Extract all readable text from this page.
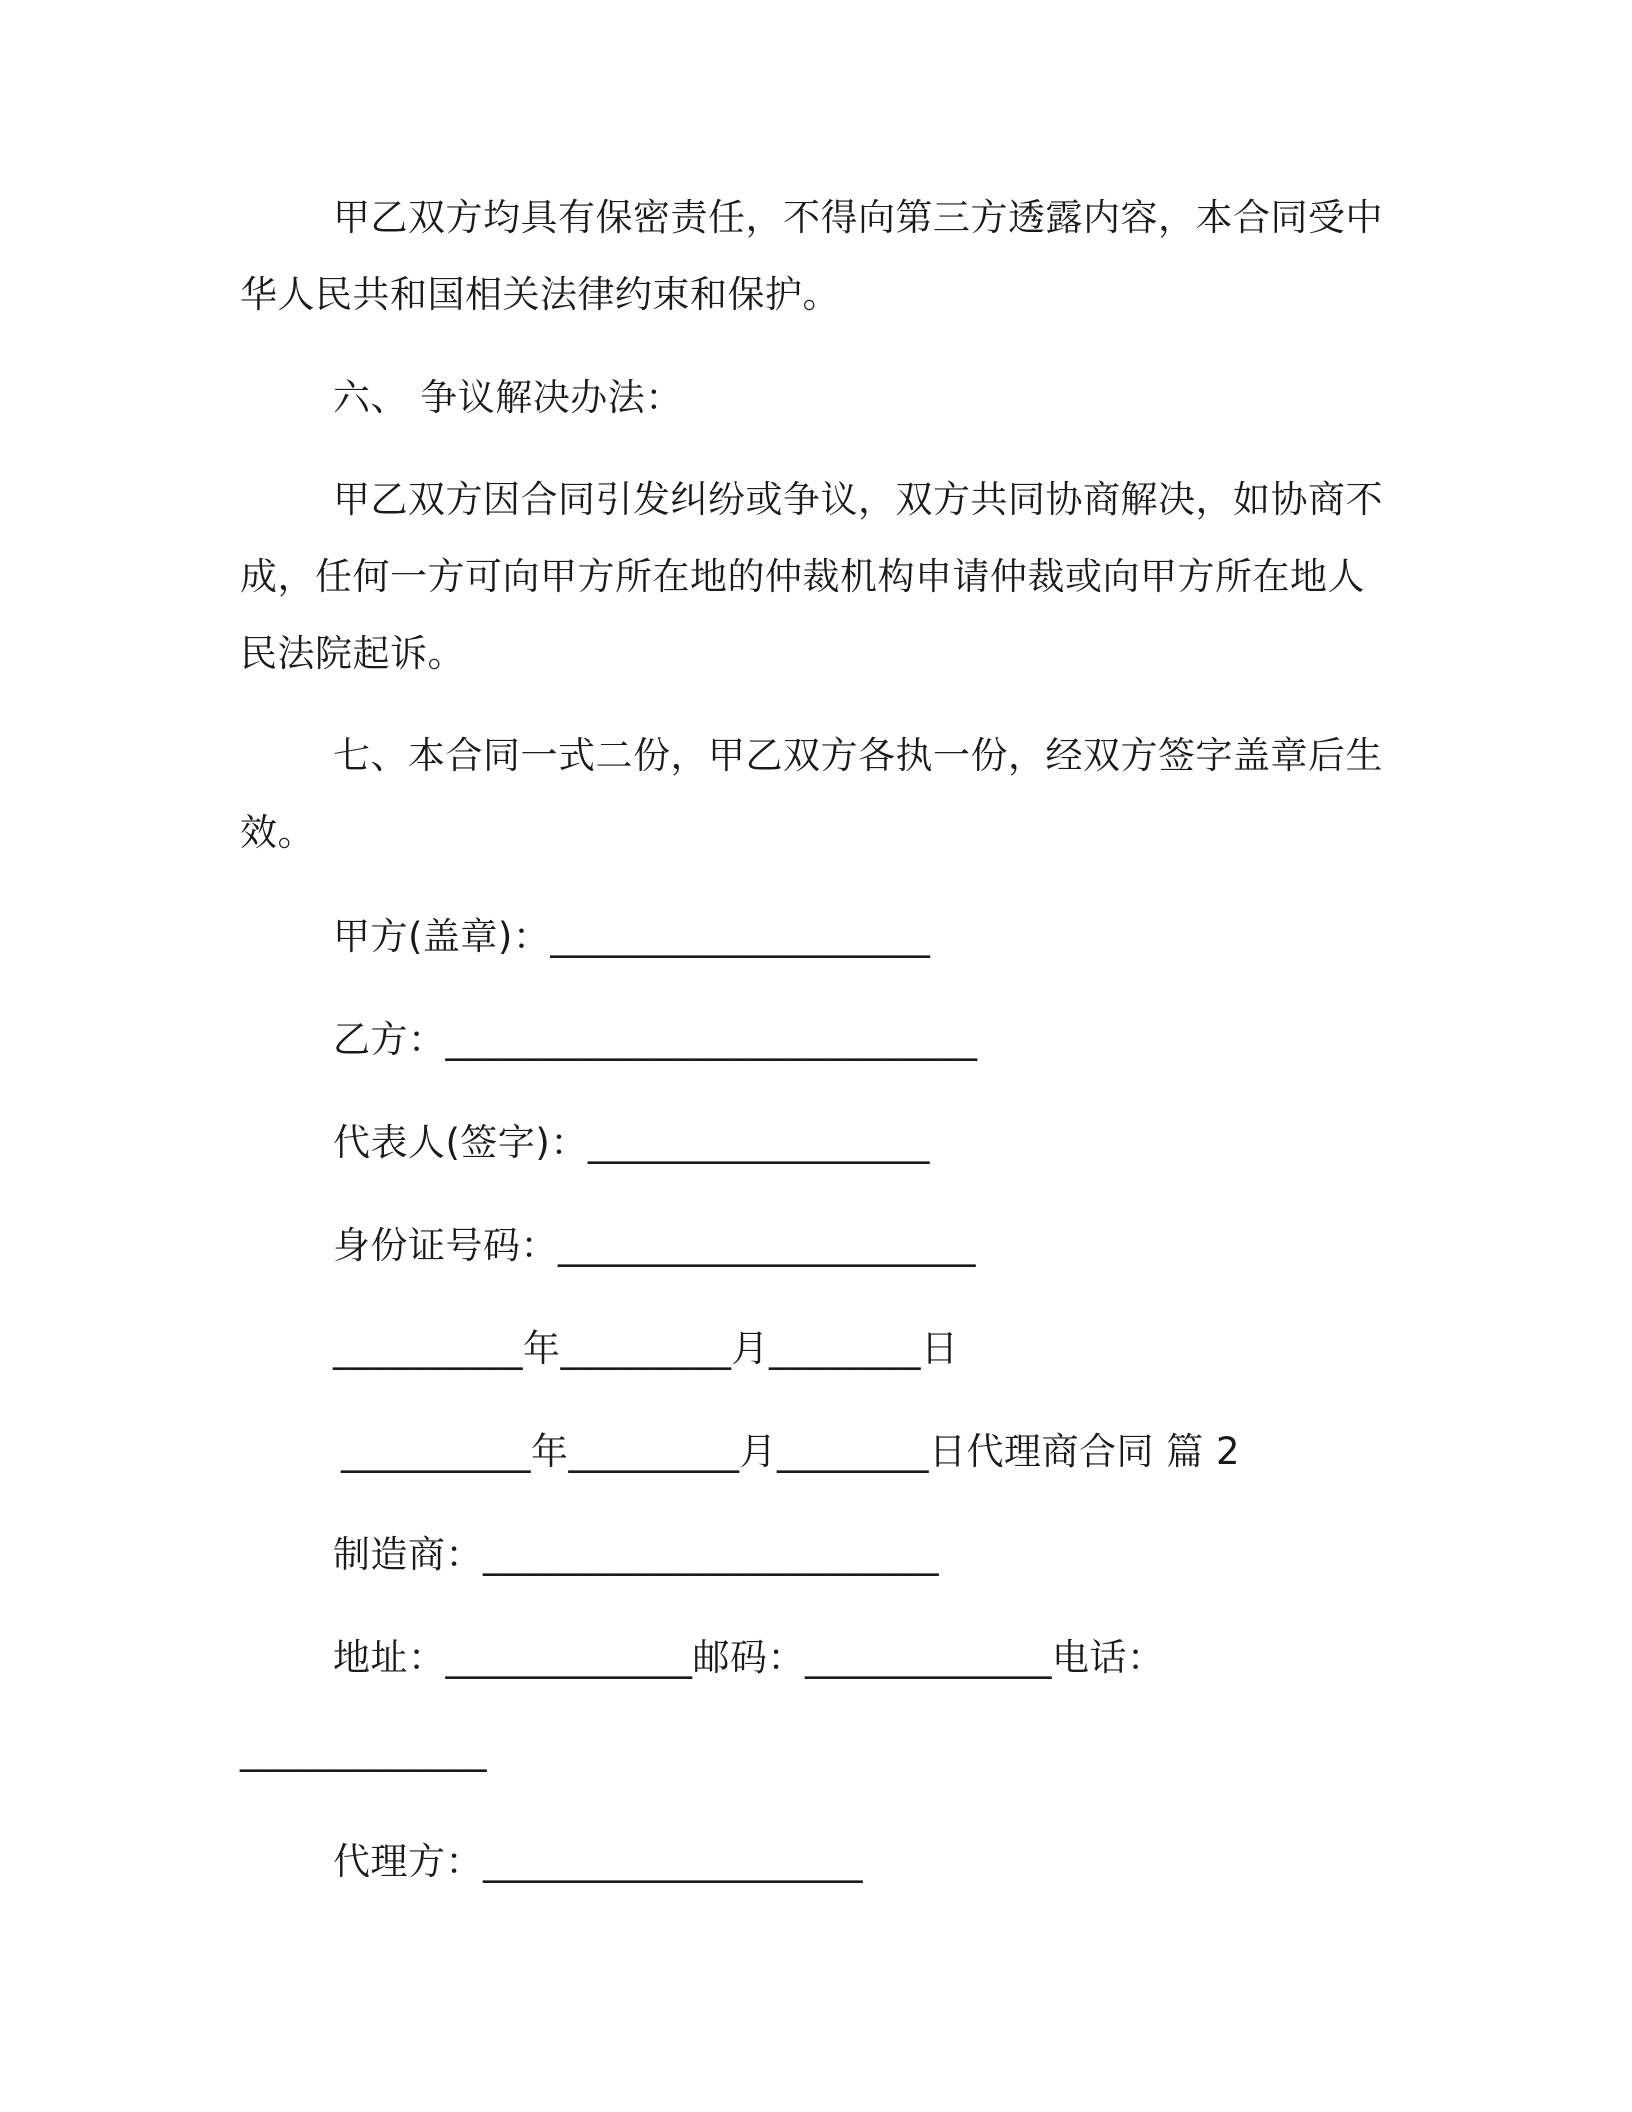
甲乙双方均具有保密责任，不得向第三方透露内容，本合同受中
华人民共和国相关法律约束和保护。
六、 争议解决办法：
甲乙双方因合同引发纠纷或争议，双方共同协商解决，如协商不
成，任何一方可向甲方所在地的仲裁机构申请仲裁或向甲方所在地人
民法院起诉。
七、本合同一式二份，甲乙双方各执一份，经双方签字盖章后生
效。
甲方(盖章)：____________________
乙方：____________________________
代表人(签字)：__________________
身份证号码：______________________
__________年_________月________日
__________年_________月________日代理商合同 篇 2
制造商：________________________
地址：_____________邮码：_____________电话：
_____________
代理方：____________________
